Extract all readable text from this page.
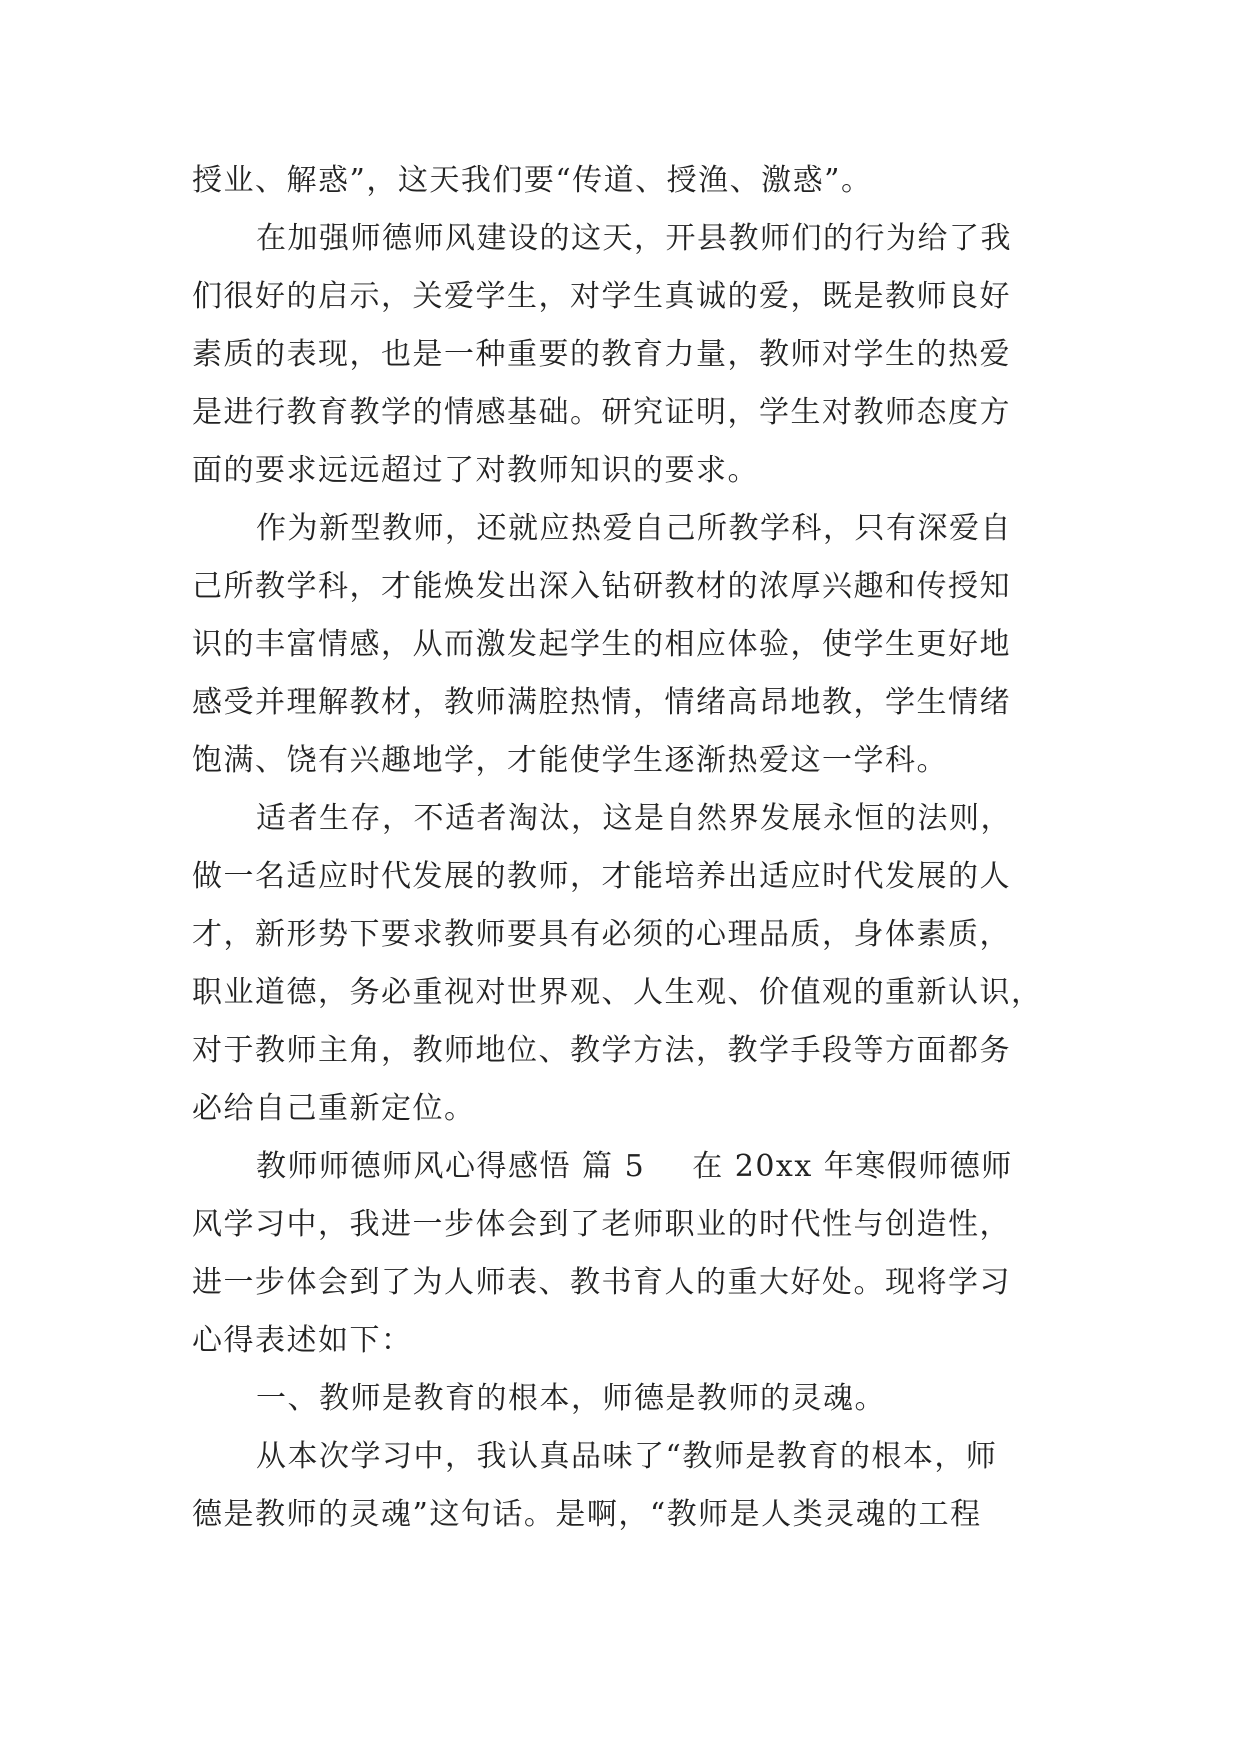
授业、解惑”，这天我们要“传道、授渔、激惑”。
在加强师德师风建设的这天，开县教师们的行为给了我
们很好的启示，关爱学生，对学生真诚的爱，既是教师良好
素质的表现，也是一种重要的教育力量，教师对学生的热爱
是进行教育教学的情感基础。研究证明，学生对教师态度方
面的要求远远超过了对教师知识的要求。
作为新型教师，还就应热爱自己所教学科，只有深爱自
己所教学科，才能焕发出深入钻研教材的浓厚兴趣和传授知
识的丰富情感，从而激发起学生的相应体验，使学生更好地
感受并理解教材，教师满腔热情，情绪高昂地教，学生情绪
饱满、饶有兴趣地学，才能使学生逐渐热爱这一学科。
适者生存，不适者淘汰，这是自然界发展永恒的法则，
做一名适应时代发展的教师，才能培养出适应时代发展的人
才，新形势下要求教师要具有必须的心理品质，身体素质，
职业道德，务必重视对世界观、人生观、价值观的重新认识，
对于教师主角，教师地位、教学方法，教学手段等方面都务
必给自己重新定位。
教师师德师风心得感悟 篇 5 在 20xx 年寒假师德师
风学习中，我进一步体会到了老师职业的时代性与创造性，
进一步体会到了为人师表、教书育人的重大好处。现将学习
心得表述如下：
一、教师是教育的根本，师德是教师的灵魂。
从本次学习中，我认真品味了“教师是教育的根本，师
德是教师的灵魂”这句话。是啊，“教师是人类灵魂的工程
